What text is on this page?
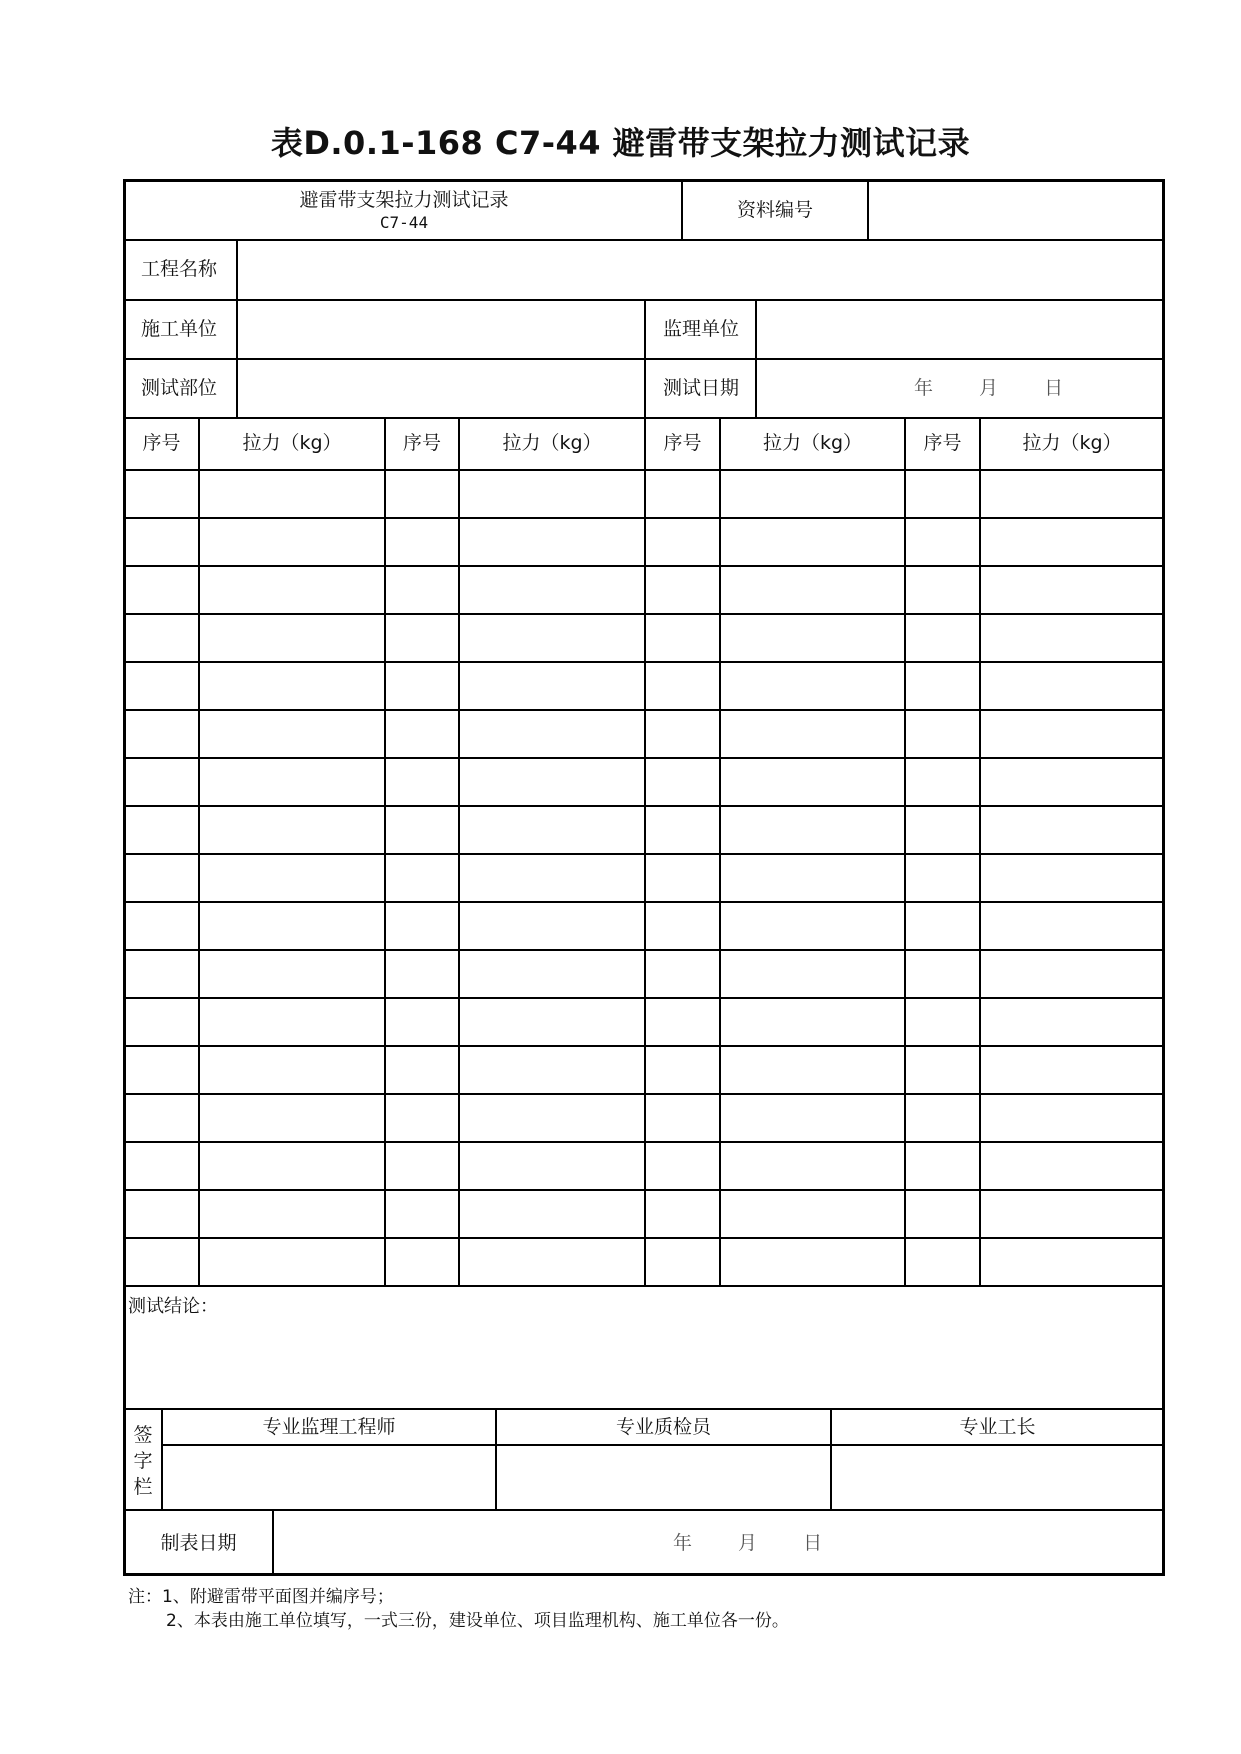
表D.0.1-168 C7-44 避雷带支架拉力测试记录
避雷带支架拉力测试记录
C7-44
资料编号
工程名称
施工单位	监理单位
测试部位	测试日期	年 月 日
序号	拉力（kg）	序号	拉力（kg）	序号	拉力（kg）	序号	拉力（kg）
测试结论：
签
字
栏
专业监理工程师	专业质检员	专业工长
制表日期	年 月 日
注：1、附避雷带平面图并编序号；
2、本表由施工单位填写，一式三份，建设单位、项目监理机构、施工单位各一份。
